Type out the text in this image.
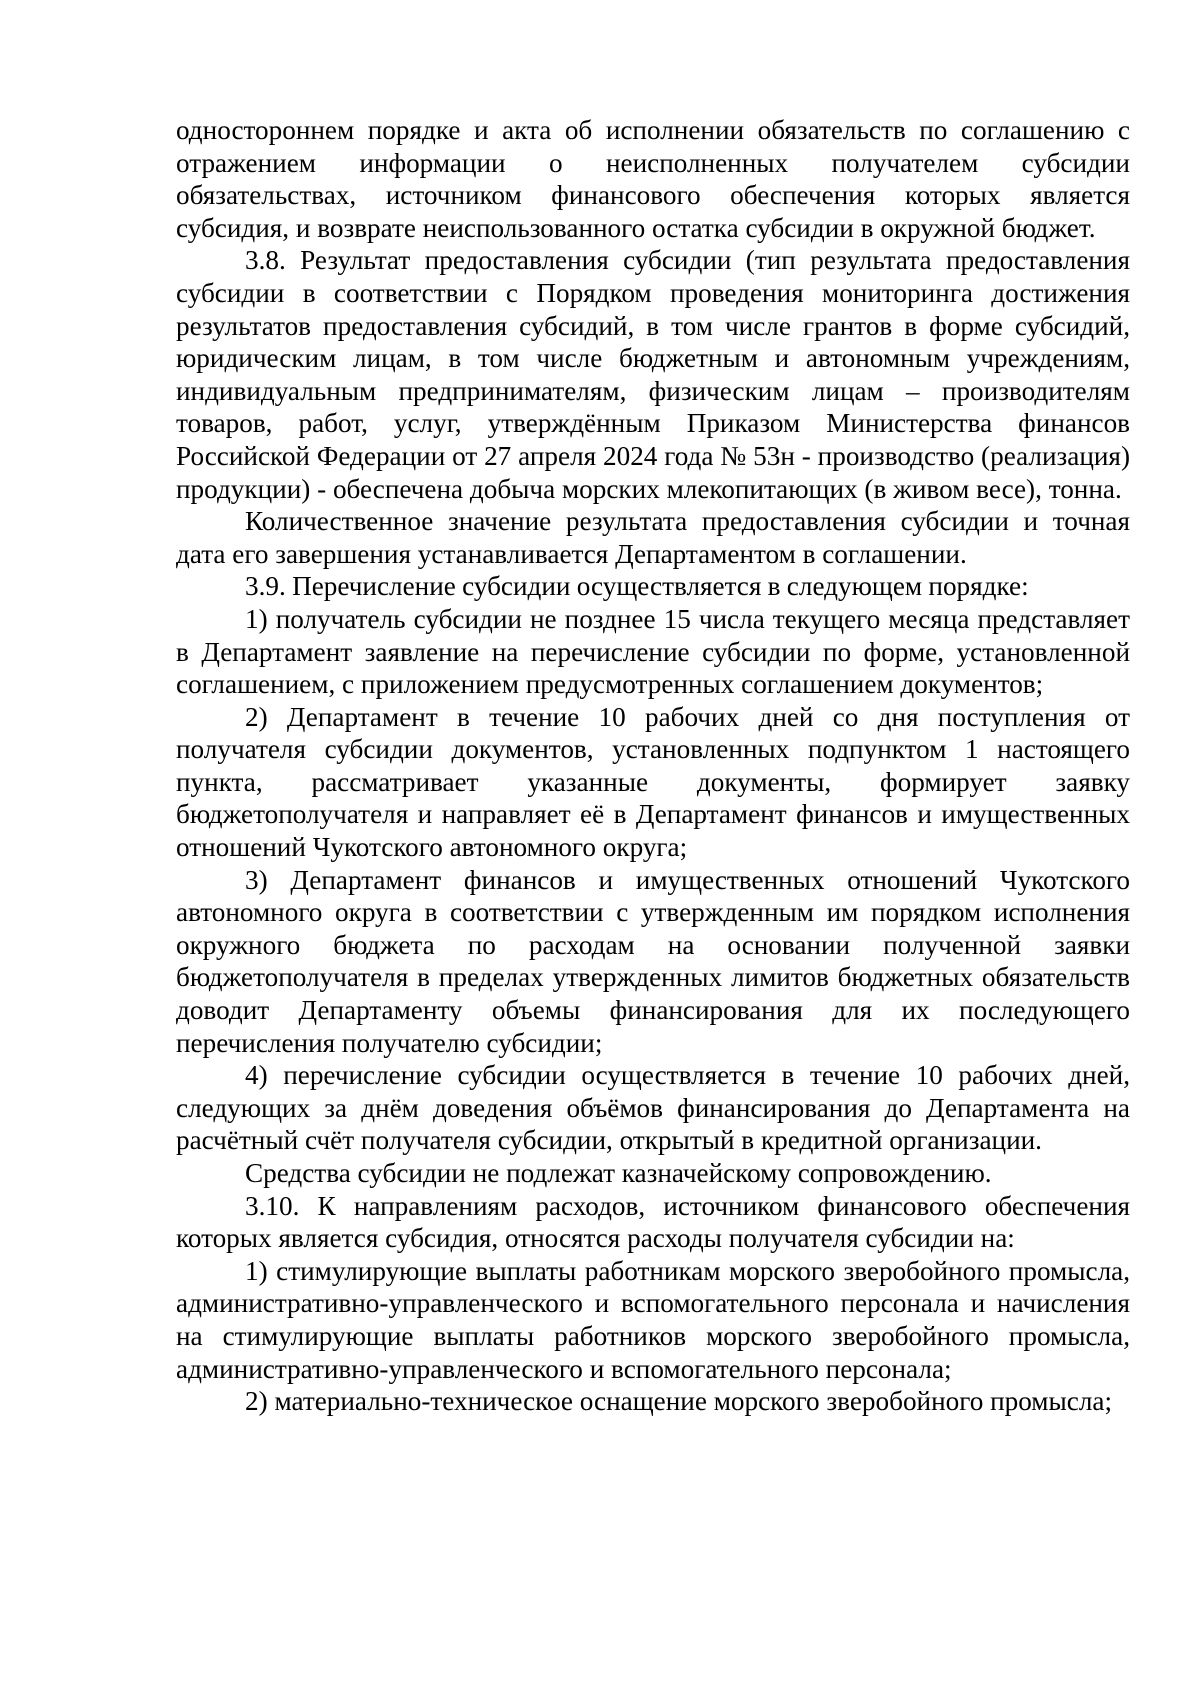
одностороннем порядке и акта об исполнении обязательств по соглашению с отражением информации о неисполненных получателем субсидии обязательствах, источником финансового обеспечения которых является субсидия, и возврате неиспользованного остатка субсидии в окружной бюджет.

3.8. Результат предоставления субсидии (тип результата предоставления субсидии в соответствии с Порядком проведения мониторинга достижения результатов предоставления субсидий, в том числе грантов в форме субсидий, юридическим лицам, в том числе бюджетным и автономным учреждениям, индивидуальным предпринимателям, физическим лицам – производителям товаров, работ, услуг, утверждённым Приказом Министерства финансов Российской Федерации от 27 апреля 2024 года № 53н - производство (реализация) продукции) - обеспечена добыча морских млекопитающих (в живом весе), тонна.

Количественное значение результата предоставления субсидии и точная дата его завершения устанавливается Департаментом в соглашении.

3.9. Перечисление субсидии осуществляется в следующем порядке:

1) получатель субсидии не позднее 15 числа текущего месяца представляет в Департамент заявление на перечисление субсидии по форме, установленной соглашением, с приложением предусмотренных соглашением документов;

2) Департамент в течение 10 рабочих дней со дня поступления от получателя субсидии документов, установленных подпунктом 1 настоящего пункта, рассматривает указанные документы, формирует заявку бюджетополучателя и направляет её в Департамент финансов и имущественных отношений Чукотского автономного округа;

3) Департамент финансов и имущественных отношений Чукотского автономного округа в соответствии с утвержденным им порядком исполнения окружного бюджета по расходам на основании полученной заявки бюджетополучателя в пределах утвержденных лимитов бюджетных обязательств доводит Департаменту объемы финансирования для их последующего перечисления получателю субсидии;

4) перечисление субсидии осуществляется в течение 10 рабочих дней, следующих за днём доведения объёмов финансирования до Департамента на расчётный счёт получателя субсидии, открытый в кредитной организации.

Средства субсидии не подлежат казначейскому сопровождению.

3.10. К направлениям расходов, источником финансового обеспечения которых является субсидия, относятся расходы получателя субсидии на:

1) стимулирующие выплаты работникам морского зверобойного промысла, административно-управленческого и вспомогательного персонала и начисления на стимулирующие выплаты работников морского зверобойного промысла, административно-управленческого и вспомогательного персонала;

2) материально-техническое оснащение морского зверобойного промысла;
